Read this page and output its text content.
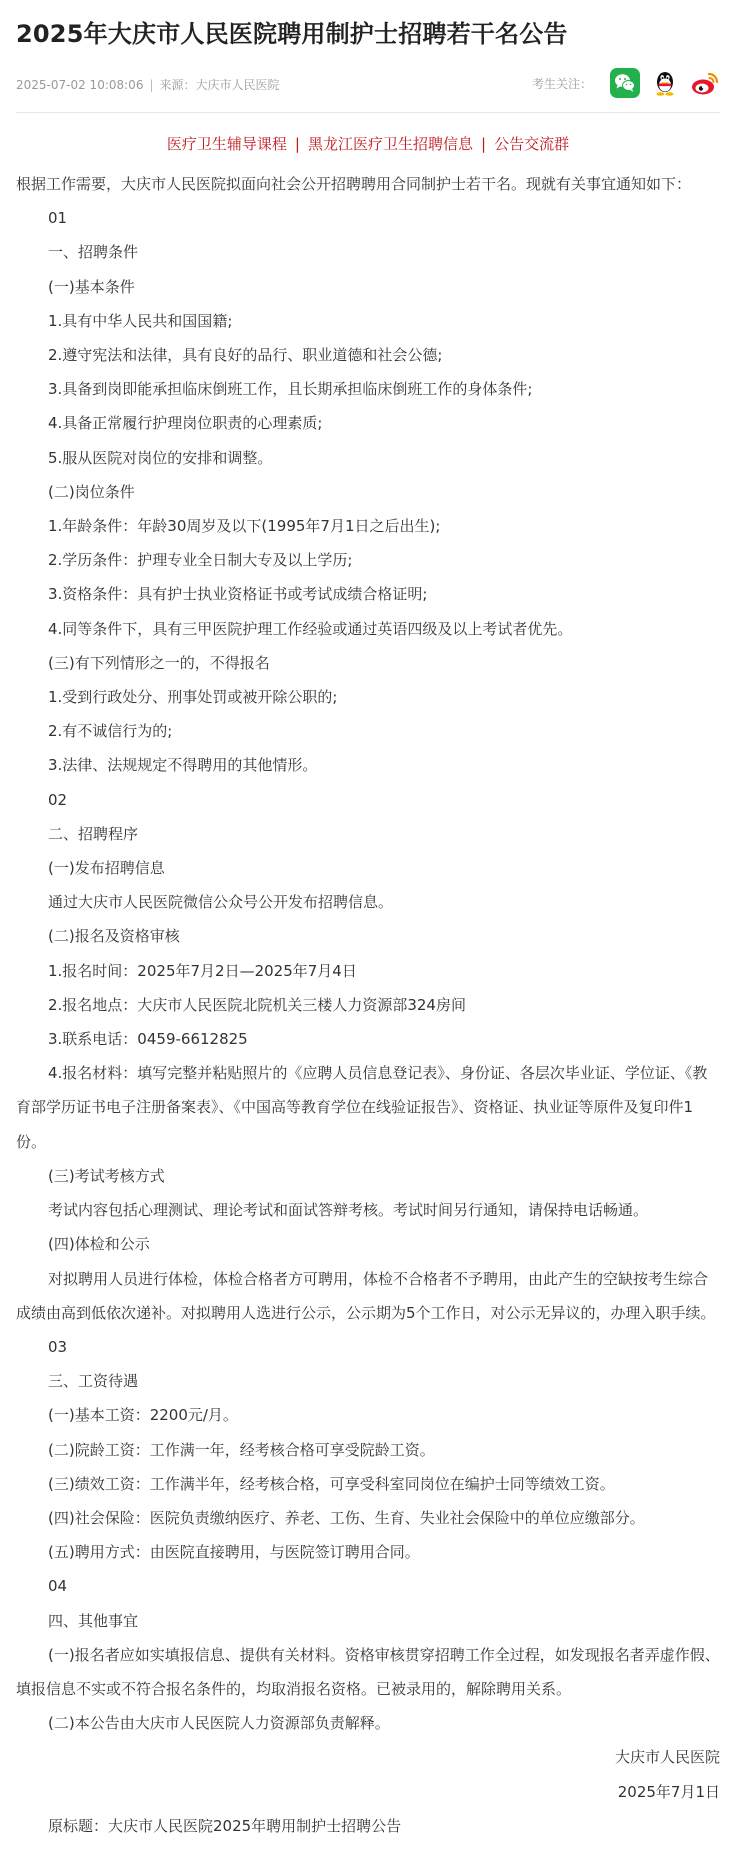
2025年大庆市人民医院聘用制护士招聘若干名公告
2025-07-02 10:08:06 | 来源：大庆市人民医院	考生关注：
医疗卫生辅导课程 | 黑龙江医疗卫生招聘信息 | 公告交流群

根据工作需要，大庆市人民医院拟面向社会公开招聘聘用合同制护士若干名。现就有关事宜通知如下：

01

一、招聘条件

(一)基本条件

1.具有中华人民共和国国籍;

2.遵守宪法和法律，具有良好的品行、职业道德和社会公德;

3.具备到岗即能承担临床倒班工作，且长期承担临床倒班工作的身体条件;

4.具备正常履行护理岗位职责的心理素质;

5.服从医院对岗位的安排和调整。

(二)岗位条件

1.年龄条件：年龄30周岁及以下(1995年7月1日之后出生);

2.学历条件：护理专业全日制大专及以上学历;

3.资格条件：具有护士执业资格证书或考试成绩合格证明;

4.同等条件下，具有三甲医院护理工作经验或通过英语四级及以上考试者优先。

(三)有下列情形之一的，不得报名

1.受到行政处分、刑事处罚或被开除公职的;

2.有不诚信行为的;

3.法律、法规规定不得聘用的其他情形。

02

二、招聘程序

(一)发布招聘信息

通过大庆市人民医院微信公众号公开发布招聘信息。

(二)报名及资格审核

1.报名时间：2025年7月2日—2025年7月4日

2.报名地点：大庆市人民医院北院机关三楼人力资源部324房间

3.联系电话：0459-6612825

4.报名材料：填写完整并粘贴照片的《应聘人员信息登记表》、身份证、各层次毕业证、学位证、《教育部学历证书电子注册备案表》、《中国高等教育学位在线验证报告》、资格证、执业证等原件及复印件1份。

(三)考试考核方式

考试内容包括心理测试、理论考试和面试答辩考核。考试时间另行通知，请保持电话畅通。

(四)体检和公示

对拟聘用人员进行体检，体检合格者方可聘用，体检不合格者不予聘用，由此产生的空缺按考生综合成绩由高到低依次递补。对拟聘用人选进行公示，公示期为5个工作日，对公示无异议的，办理入职手续。

03

三、工资待遇

(一)基本工资：2200元/月。

(二)院龄工资：工作满一年，经考核合格可享受院龄工资。

(三)绩效工资：工作满半年，经考核合格，可享受科室同岗位在编护士同等绩效工资。

(四)社会保险：医院负责缴纳医疗、养老、工伤、生育、失业社会保险中的单位应缴部分。

(五)聘用方式：由医院直接聘用，与医院签订聘用合同。

04

四、其他事宜

(一)报名者应如实填报信息、提供有关材料。资格审核贯穿招聘工作全过程，如发现报名者弄虚作假、填报信息不实或不符合报名条件的，均取消报名资格。已被录用的，解除聘用关系。

(二)本公告由大庆市人民医院人力资源部负责解释。

大庆市人民医院

2025年7月1日

原标题：大庆市人民医院2025年聘用制护士招聘公告
